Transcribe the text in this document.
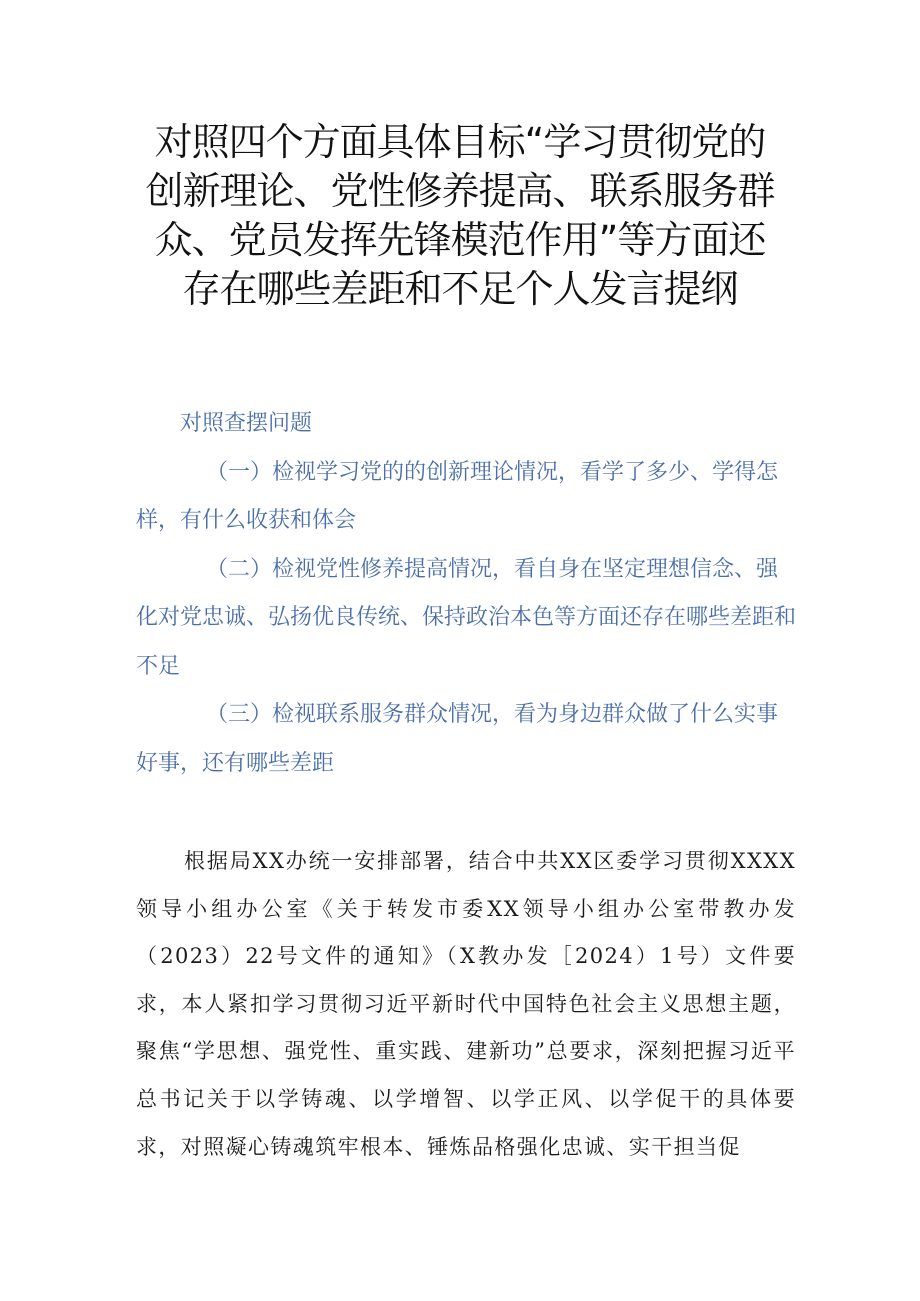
对照四个方面具体目标“学习贯彻党的
创新理论、党性修养提高、联系服务群
众、党员发挥先锋模范作用”等方面还
存在哪些差距和不足个人发言提纲

对照查摆问题

（一）检视学习党的的创新理论情况，看学了多少、学得怎样，有什么收获和体会

（二）检视党性修养提高情况，看自身在坚定理想信念、强化对党忠诚、弘扬优良传统、保持政治本色等方面还存在哪些差距和不足

（三）检视联系服务群众情况，看为身边群众做了什么实事好事，还有哪些差距

根据局XX办统一安排部署，结合中共XX区委学习贯彻XXXX领导小组办公室《关于转发市委XX领导小组办公室带教办发（2023）22号文件的通知》（X教办发［2024）1号）文件要求，本人紧扣学习贯彻习近平新时代中国特色社会主义思想主题，聚焦“学思想、强党性、重实践、建新功”总要求，深刻把握习近平总书记关于以学铸魂、以学增智、以学正风、以学促干的具体要求，对照凝心铸魂筑牢根本、锤炼品格强化忠诚、实干担当促
